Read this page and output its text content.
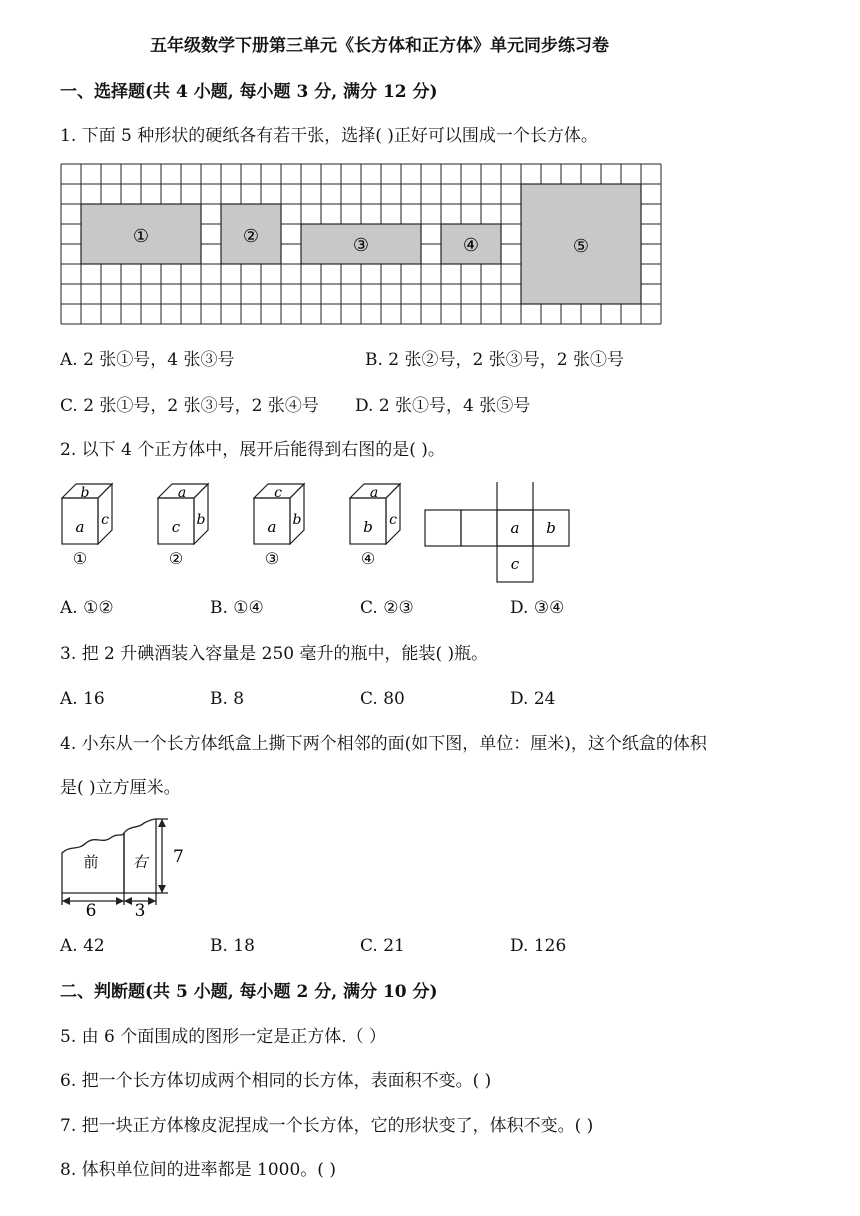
五年级数学下册第三单元《长方体和正方体》单元同步练习卷
一、选择题(共 4 小题, 每小题 3 分, 满分 12 分)
1. 下面 5 种形状的硬纸各有若干张，选择( )正好可以围成一个长方体。
①	②	③	④	⑤
A. 2 张①号，4 张③号	B. 2 张②号，2 张③号，2 张①号
C. 2 张①号，2 张③号，2 张④号 D. 2 张①号，4 张⑤号
2. 以下 4 个正方体中，展开后能得到右图的是( )。
b
a c
①
a
c b
②
c
a b
③
a
b c
④
a b
c
A. ①②	B. ①④	C. ②③	D. ③④
3. 把 2 升碘酒装入容量是 250 毫升的瓶中，能装( )瓶。
A. 16	B. 8	C. 80	D. 24
4. 小东从一个长方体纸盒上撕下两个相邻的面(如下图，单位：厘米)，这个纸盒的体积
是( )立方厘米。
前 右 7
6 3
A. 42	B. 18	C. 21	D. 126
二、判断题(共 5 小题, 每小题 2 分, 满分 10 分)
5. 由 6 个面围成的图形一定是正方体.（ ）
6. 把一个长方体切成两个相同的长方体，表面积不变。( )
7. 把一块正方体橡皮泥捏成一个长方体，它的形状变了，体积不变。( )
8. 体积单位间的进率都是 1000。( )
